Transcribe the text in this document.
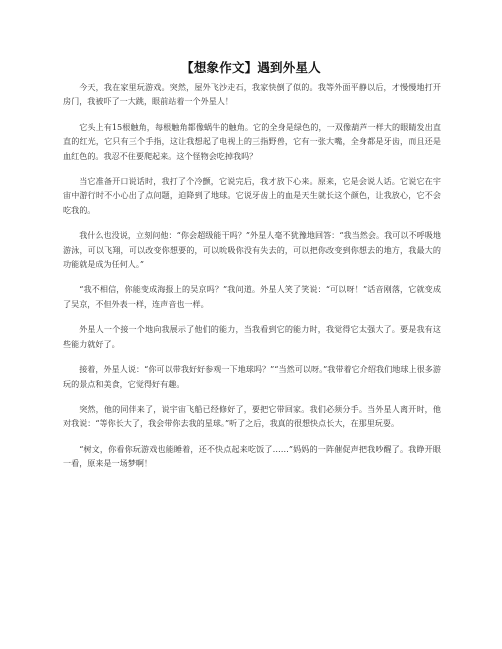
【想象作文】遇到外星人

今天，我在家里玩游戏。突然，屋外飞沙走石，我家快倒了似的。我等外面平静以后，才慢慢地打开房门，我被吓了一大跳，眼前站着一个外星人！

它头上有15根触角，每根触角都像蜗牛的触角。它的全身是绿色的，一双像葫芦一样大的眼睛发出直直的红光，它只有三个手指，这让我想起了电视上的三指野兽，它有一张大嘴，全身都是牙齿，而且还是血红色的。我忍不住要爬起来。这个怪物会吃掉我吗？

当它准备开口说话时，我打了个冷颤，它说完后，我才放下心来。原来，它是会说人话。它说它在宇宙中游行时不小心出了点问题，迫降到了地球。它说牙齿上的血是天生就长这个颜色，让我放心，它不会吃我的。

我什么也没说，立刻问他：“你会超级能干吗？”外星人毫不犹豫地回答：“我当然会。我可以不呼吸地游泳，可以飞翔，可以改变你想要的，可以吮吸你没有失去的，可以把你改变到你想去的地方，我最大的功能就是成为任何人。”

“我不相信，你能变成海报上的吴京吗？”我问道。外星人笑了笑说：“可以呀！”话音刚落，它就变成了吴京，不但外表一样，连声音也一样。

外星人一个接一个地向我展示了他们的能力，当我看到它的能力时，我觉得它太强大了。要是我有这些能力就好了。

接着，外星人说：“你可以带我好好参观一下地球吗？”“当然可以呀。”我带着它介绍我们地球上很多游玩的景点和美食，它觉得好有趣。

突然，他的同伴来了，说宇宙飞船已经修好了，要把它带回家。我们必须分手。当外星人离开时，他对我说：“等你长大了，我会带你去我的星球。”听了之后，我真的很想快点长大，在那里玩耍。

“树文，你看你玩游戏也能睡着，还不快点起来吃饭了……”妈妈的一阵催促声把我吵醒了。我睁开眼一看，原来是一场梦啊！
